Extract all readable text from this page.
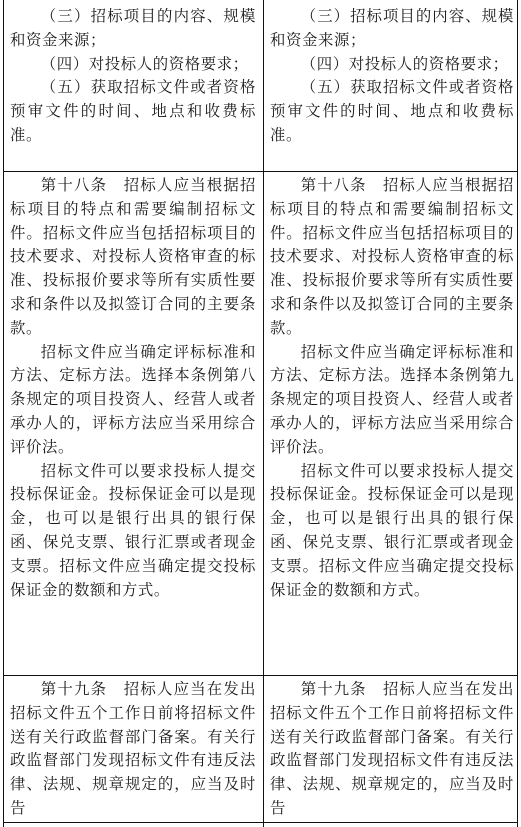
（三）招标项目的内容、规模和资金来源；

（四）对投标人的资格要求；

（五）获取招标文件或者资格预审文件的时间、地点和收费标准。

（三）招标项目的内容、规模和资金来源；

（四）对投标人的资格要求；

（五）获取招标文件或者资格预审文件的时间、地点和收费标准。

第十八条　招标人应当根据招标项目的特点和需要编制招标文件。招标文件应当包括招标项目的技术要求、对投标人资格审查的标准、投标报价要求等所有实质性要求和条件以及拟签订合同的主要条款。

招标文件应当确定评标标准和方法、定标方法。选择本条例第八条规定的项目投资人、经营人或者承办人的，评标方法应当采用综合评价法。

招标文件可以要求投标人提交投标保证金。投标保证金可以是现金，也可以是银行出具的银行保函、保兑支票、银行汇票或者现金支票。招标文件应当确定提交投标保证金的数额和方式。

第十八条　招标人应当根据招标项目的特点和需要编制招标文件。招标文件应当包括招标项目的技术要求、对投标人资格审查的标准、投标报价要求等所有实质性要求和条件以及拟签订合同的主要条款。

招标文件应当确定评标标准和方法、定标方法。选择本条例第九条规定的项目投资人、经营人或者承办人的，评标方法应当采用综合评价法。

招标文件可以要求投标人提交投标保证金。投标保证金可以是现金，也可以是银行出具的银行保函、保兑支票、银行汇票或者现金支票。招标文件应当确定提交投标保证金的数额和方式。

第十九条　招标人应当在发出招标文件五个工作日前将招标文件送有关行政监督部门备案。有关行政监督部门发现招标文件有违反法律、法规、规章规定的，应当及时告

第十九条　招标人应当在发出招标文件五个工作日前将招标文件送有关行政监督部门备案。有关行政监督部门发现招标文件有违反法律、法规、规章规定的，应当及时告
